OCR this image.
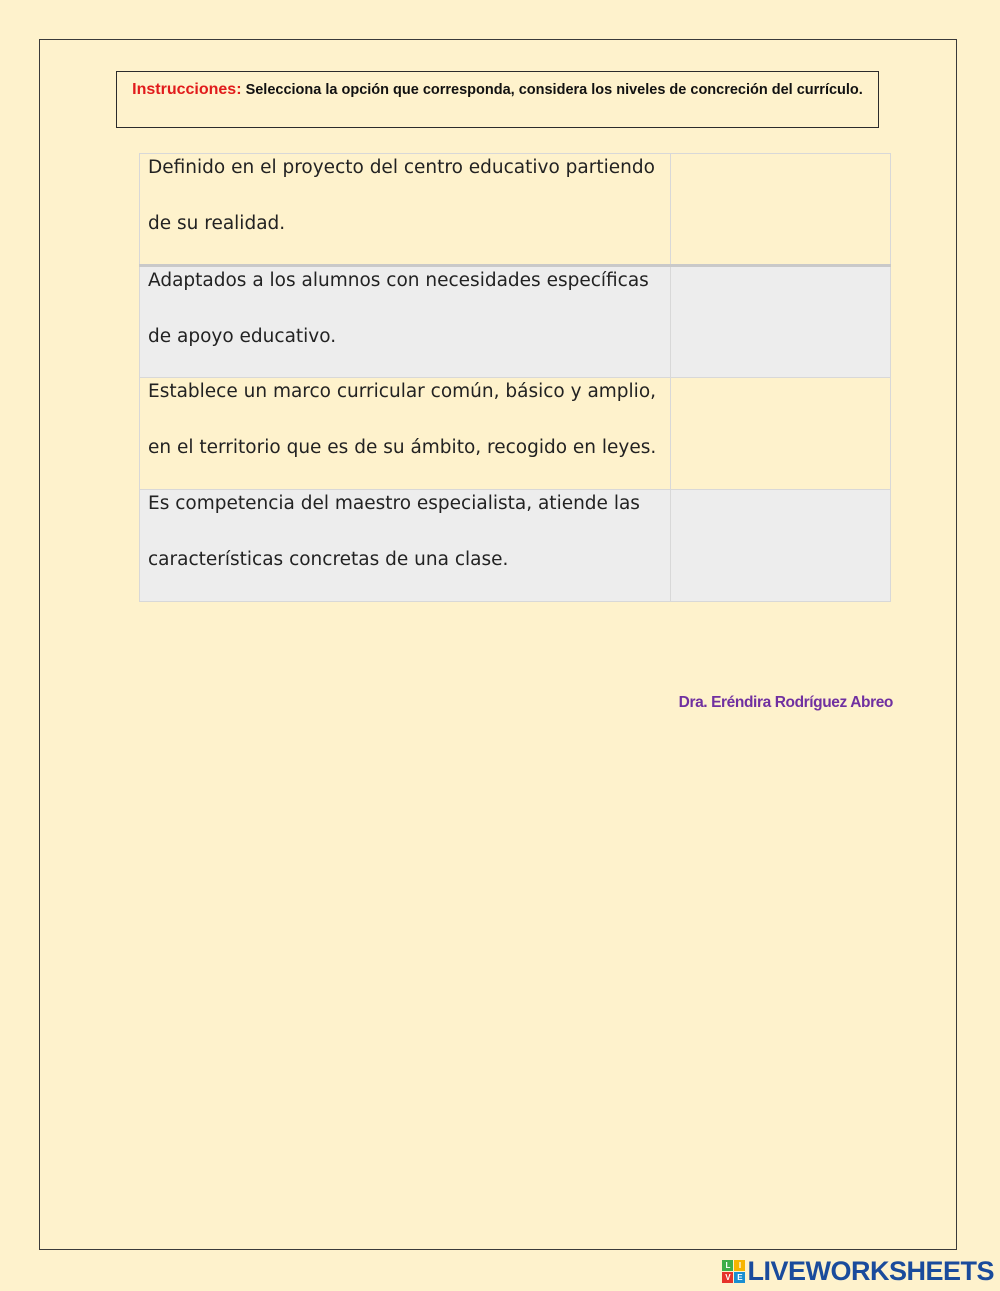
Instrucciones: Selecciona la opción que corresponda, considera los niveles de concreción del currículo.
Definido en el proyecto del centro educativo partiendo de su realidad.	

Adaptados a los alumnos con necesidades específicas de apoyo educativo.	

Establece un marco curricular común, básico y amplio, en el territorio que es de su ámbito, recogido en leyes.	

Es competencia del maestro especialista, atiende las características concretas de una clase.	

Dra. Eréndira Rodríguez Abreo
L	I
V E LIVEWORKSHEETS
